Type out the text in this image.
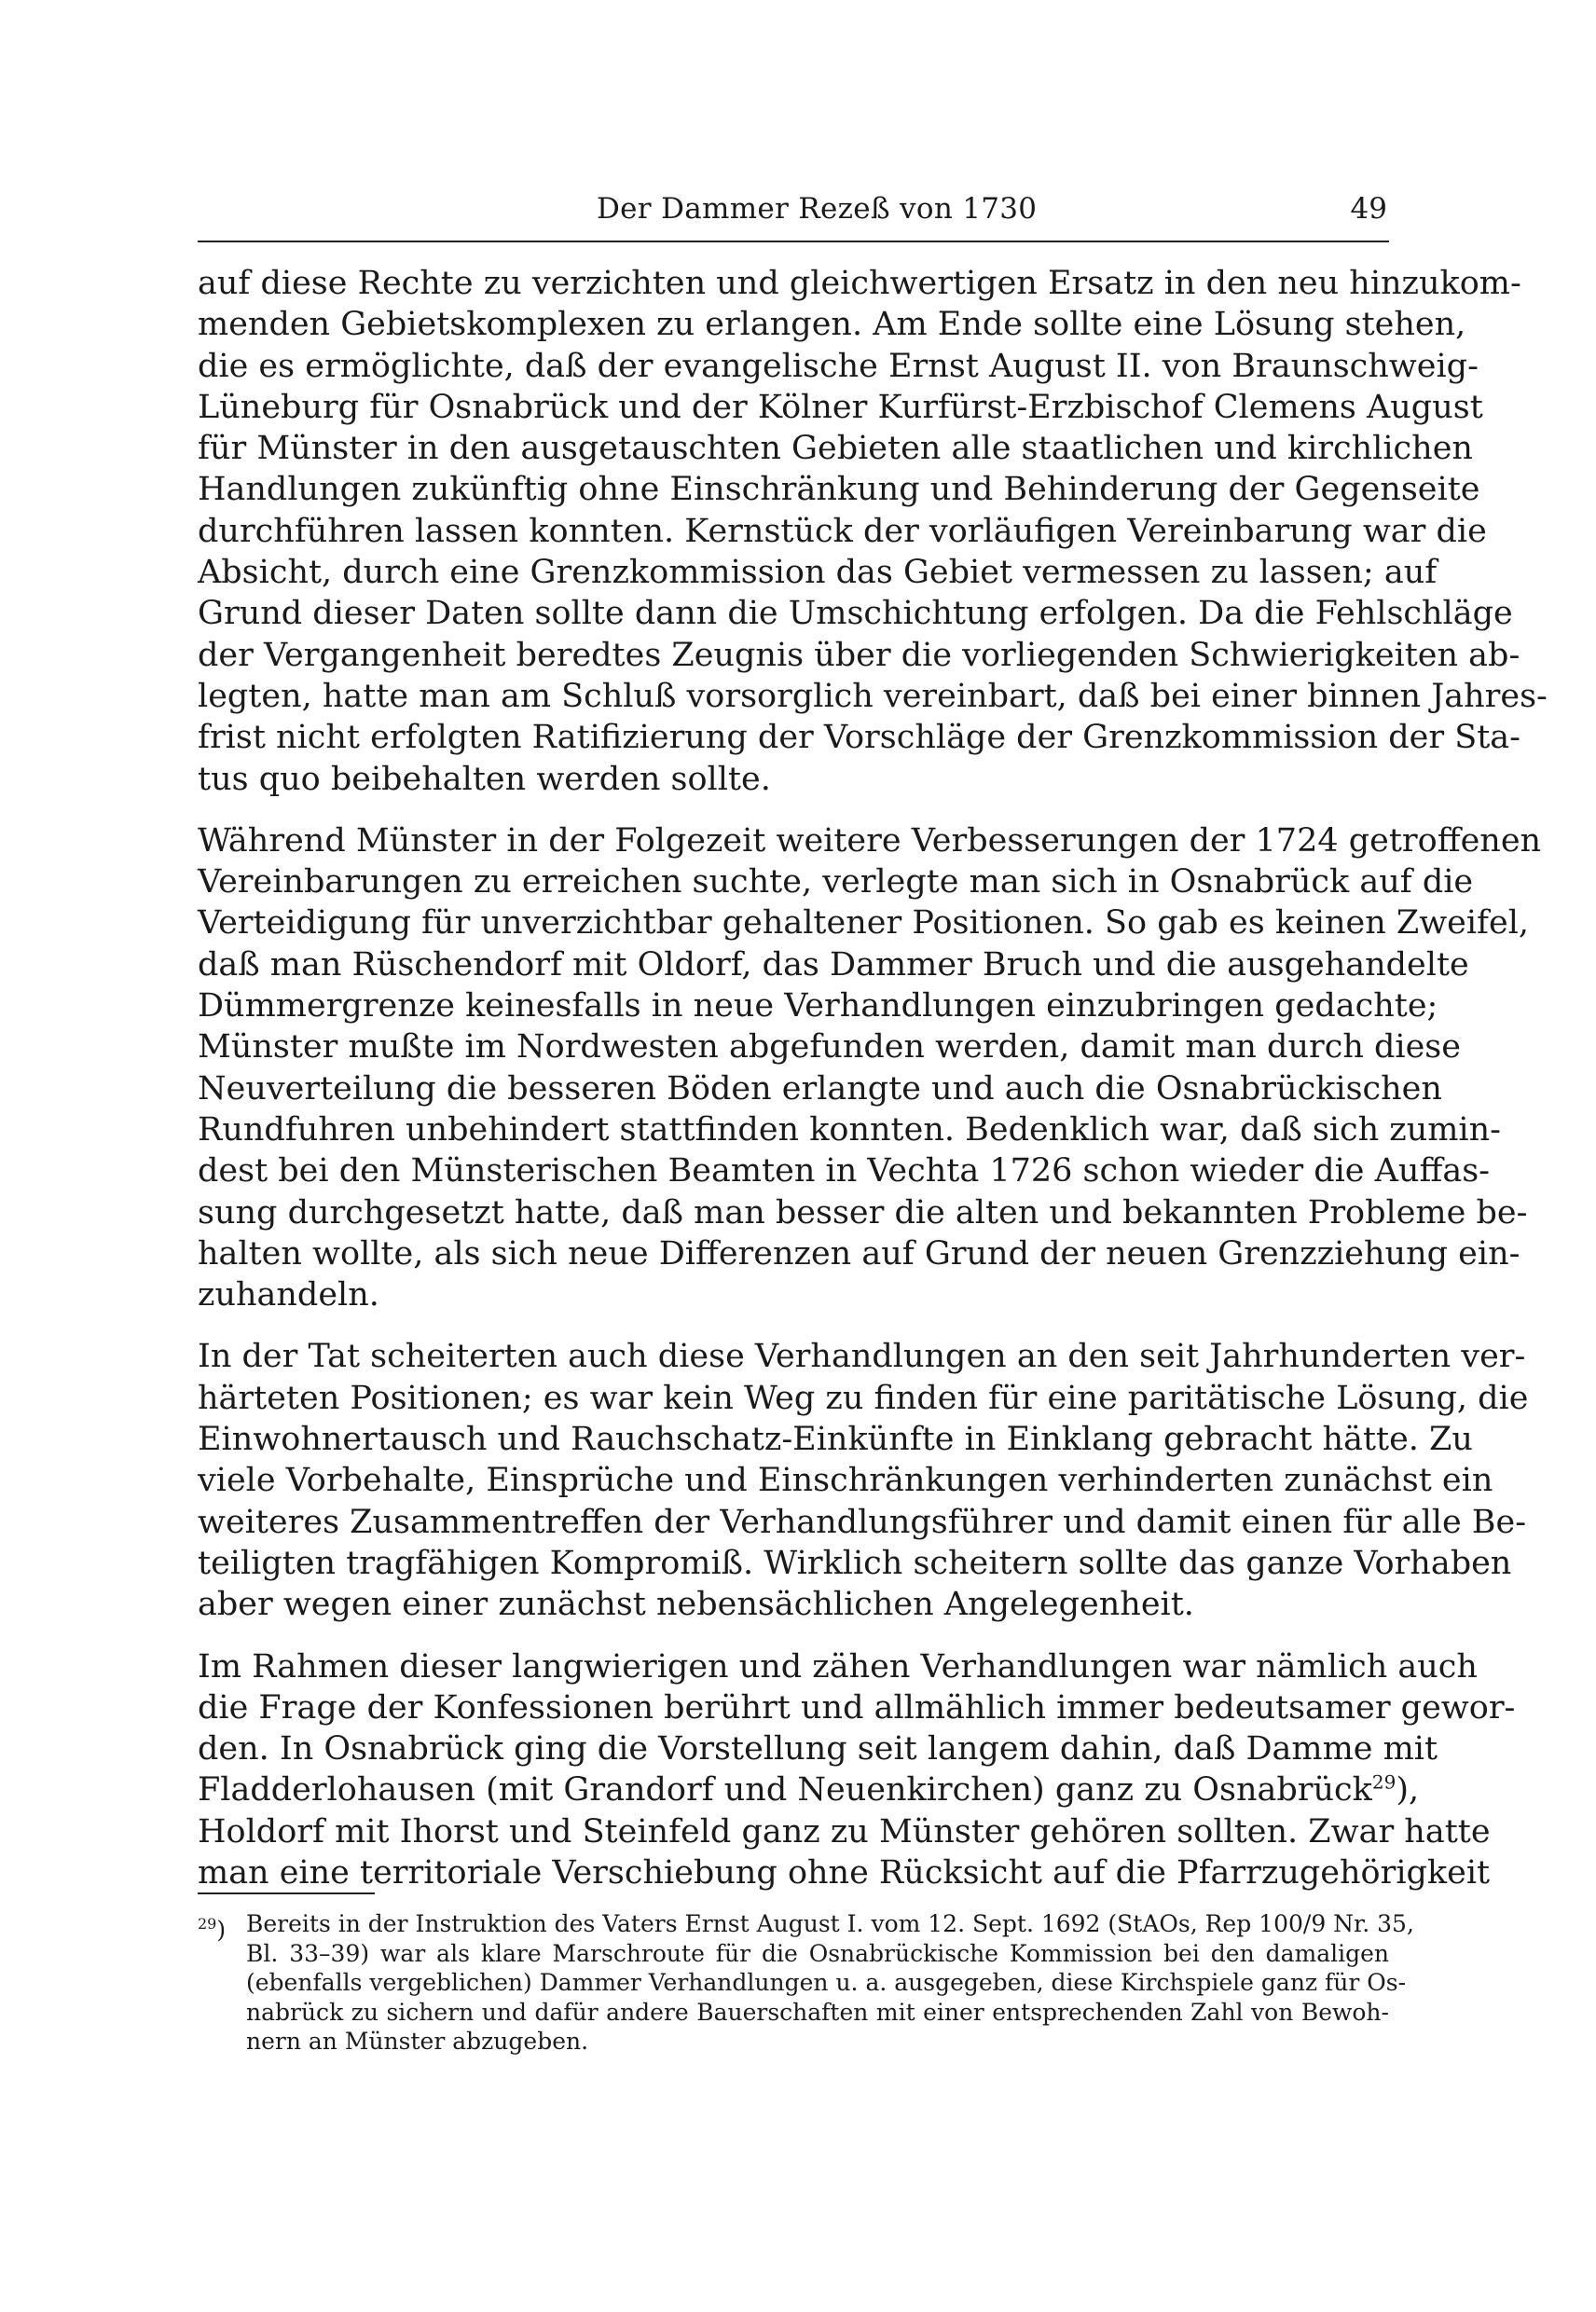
Der Dammer Rezeß von 1730	49

auf diese Rechte zu verzichten und gleichwertigen Ersatz in den neu hinzukom-
menden Gebietskomplexen zu erlangen. Am Ende sollte eine Lösung stehen,
die es ermöglichte, daß der evangelische Ernst August II. von Braunschweig-
Lüneburg für Osnabrück und der Kölner Kurfürst-Erzbischof Clemens August
für Münster in den ausgetauschten Gebieten alle staatlichen und kirchlichen
Handlungen zukünftig ohne Einschränkung und Behinderung der Gegenseite
durchführen lassen konnten. Kernstück der vorläufigen Vereinbarung war die
Absicht, durch eine Grenzkommission das Gebiet vermessen zu lassen; auf
Grund dieser Daten sollte dann die Umschichtung erfolgen. Da die Fehlschläge
der Vergangenheit beredtes Zeugnis über die vorliegenden Schwierigkeiten ab-
legten, hatte man am Schluß vorsorglich vereinbart, daß bei einer binnen Jahres-
frist nicht erfolgten Ratifizierung der Vorschläge der Grenzkommission der Sta-
tus quo beibehalten werden sollte.

Während Münster in der Folgezeit weitere Verbesserungen der 1724 getroffenen
Vereinbarungen zu erreichen suchte, verlegte man sich in Osnabrück auf die
Verteidigung für unverzichtbar gehaltener Positionen. So gab es keinen Zweifel,
daß man Rüschendorf mit Oldorf, das Dammer Bruch und die ausgehandelte
Dümmergrenze keinesfalls in neue Verhandlungen einzubringen gedachte;
Münster mußte im Nordwesten abgefunden werden, damit man durch diese
Neuverteilung die besseren Böden erlangte und auch die Osnabrückischen
Rundfuhren unbehindert stattfinden konnten. Bedenklich war, daß sich zumin-
dest bei den Münsterischen Beamten in Vechta 1726 schon wieder die Auffas-
sung durchgesetzt hatte, daß man besser die alten und bekannten Probleme be-
halten wollte, als sich neue Differenzen auf Grund der neuen Grenzziehung ein-
zuhandeln.

In der Tat scheiterten auch diese Verhandlungen an den seit Jahrhunderten ver-
härteten Positionen; es war kein Weg zu finden für eine paritätische Lösung, die
Einwohnertausch und Rauchschatz-Einkünfte in Einklang gebracht hätte. Zu
viele Vorbehalte, Einsprüche und Einschränkungen verhinderten zunächst ein
weiteres Zusammentreffen der Verhandlungsführer und damit einen für alle Be-
teiligten tragfähigen Kompromiß. Wirklich scheitern sollte das ganze Vorhaben
aber wegen einer zunächst nebensächlichen Angelegenheit.

Im Rahmen dieser langwierigen und zähen Verhandlungen war nämlich auch
die Frage der Konfessionen berührt und allmählich immer bedeutsamer gewor-
den. In Osnabrück ging die Vorstellung seit langem dahin, daß Damme mit
Fladderlohausen (mit Grandorf und Neuenkirchen) ganz zu Osnabrück$^{29}$),
Holdorf mit Ihorst und Steinfeld ganz zu Münster gehören sollten. Zwar hatte
man eine territoriale Verschiebung ohne Rücksicht auf die Pfarrzugehörigkeit

$^{29}$) Bereits in der Instruktion des Vaters Ernst August I. vom 12. Sept. 1692 (StAOs, Rep 100/9 Nr. 35,
Bl. 33–39) war als klare Marschroute für die Osnabrückische Kommission bei den damaligen
(ebenfalls vergeblichen) Dammer Verhandlungen u. a. ausgegeben, diese Kirchspiele ganz für Os-
nabrück zu sichern und dafür andere Bauerschaften mit einer entsprechenden Zahl von Bewoh-
nern an Münster abzugeben.
